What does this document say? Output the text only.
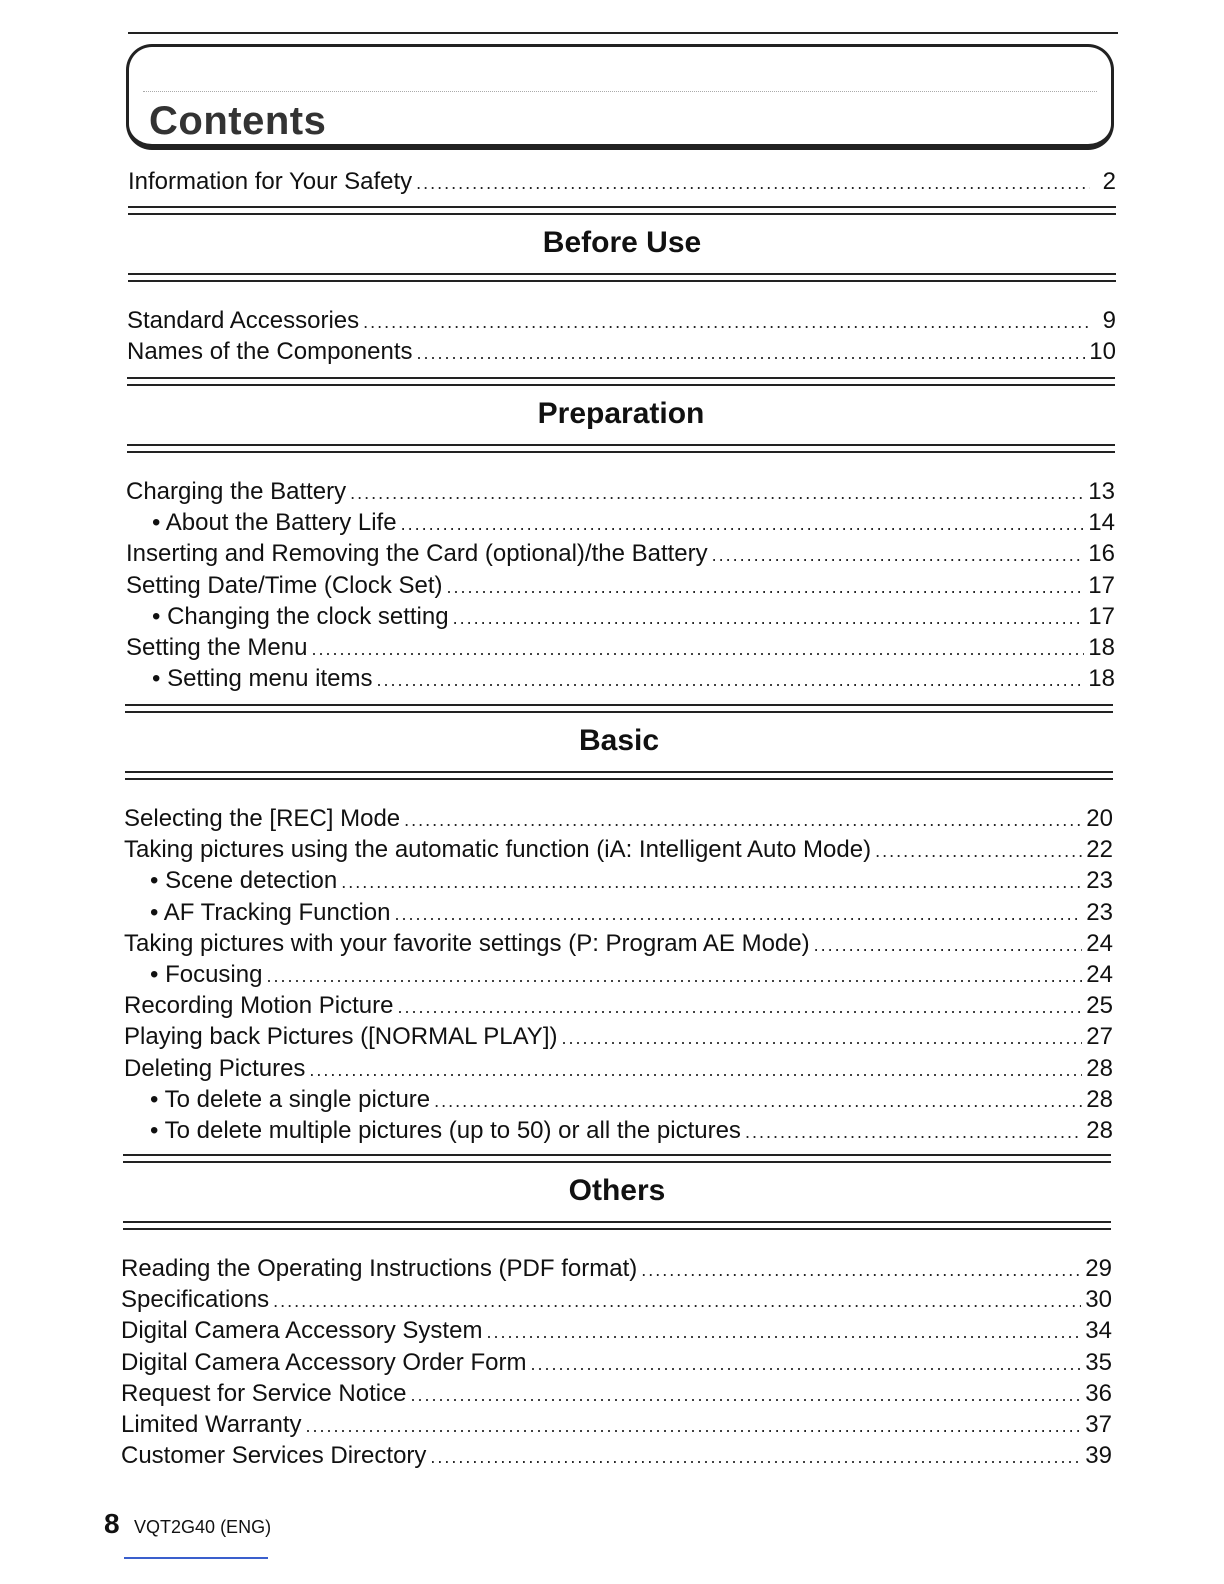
Contents
Information for Your Safety .....	2
Before Use
Standard Accessories .....	9
Names of the Components .....	10
Preparation
Charging the Battery .....	13
• About the Battery Life .....	14
Inserting and Removing the Card (optional)/the Battery .....	16
Setting Date/Time (Clock Set) .....	17
• Changing the clock setting .....	17
Setting the Menu .....	18
• Setting menu items .....	18
Basic
Selecting the [REC] Mode .....	20
Taking pictures using the automatic function (iA: Intelligent Auto Mode) .....	22
• Scene detection .....	23
• AF Tracking Function .....	23
Taking pictures with your favorite settings (P: Program AE Mode) .....	24
• Focusing .....	24
Recording Motion Picture .....	25
Playing back Pictures ([NORMAL PLAY]) .....	27
Deleting Pictures .....	28
• To delete a single picture .....	28
• To delete multiple pictures (up to 50) or all the pictures .....	28
Others
Reading the Operating Instructions (PDF format) .....	29
Specifications .....	30
Digital Camera Accessory System .....	34
Digital Camera Accessory Order Form .....	35
Request for Service Notice .....	36
Limited Warranty .....	37
Customer Services Directory .....	39
8 VQT2G40 (ENG)
